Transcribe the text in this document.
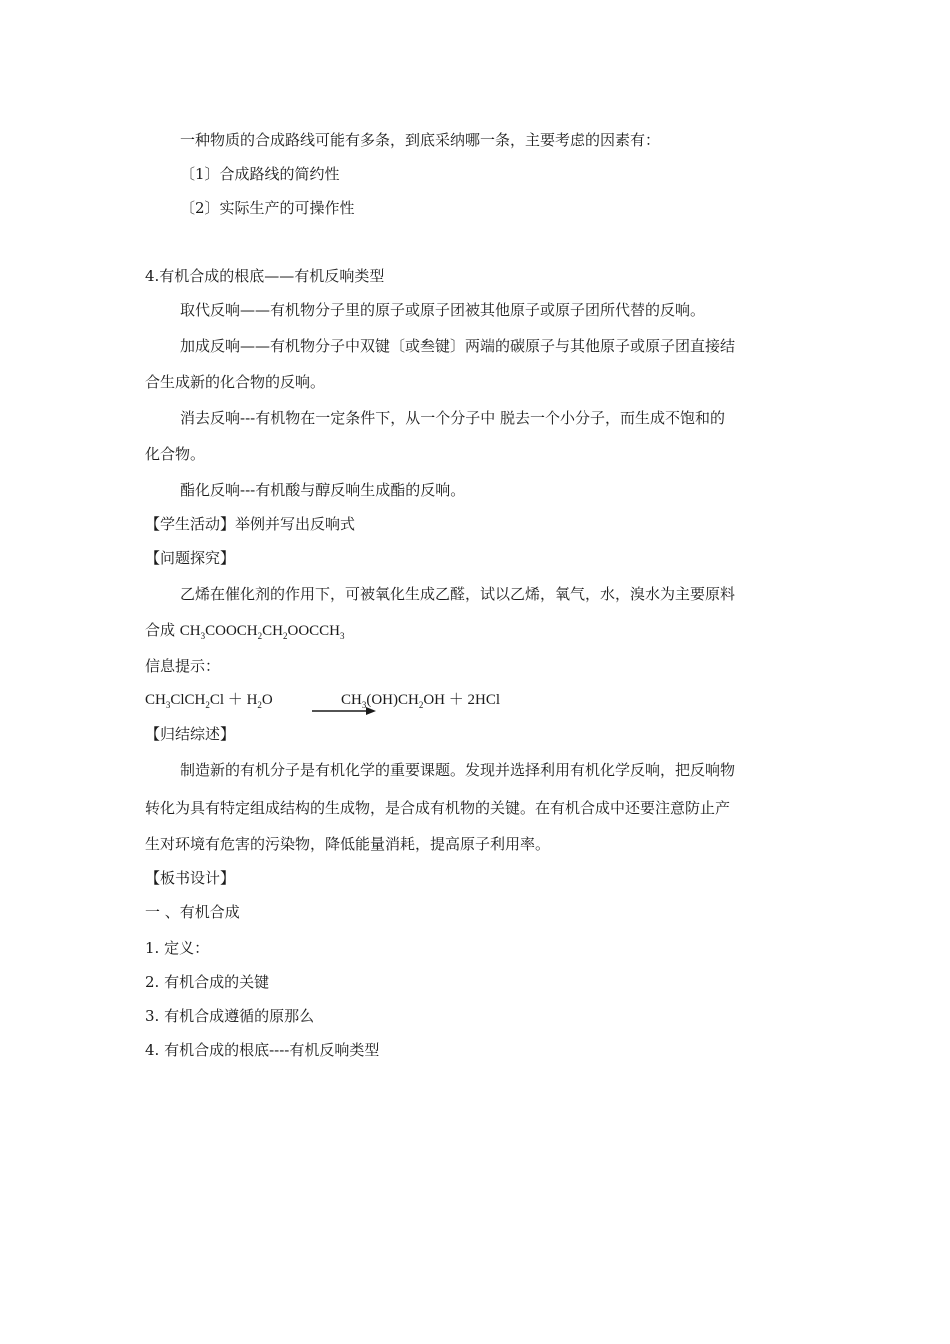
一种物质的合成路线可能有多条，到底采纳哪一条，主要考虑的因素有：
〔1〕合成路线的简约性
〔2〕实际生产的可操作性
4.有机合成的根底——有机反响类型
取代反响——有机物分子里的原子或原子团被其他原子或原子团所代替的反响。
加成反响——有机物分子中双键〔或叁键〕两端的碳原子与其他原子或原子团直接结
合生成新的化合物的反响。
消去反响---有机物在一定条件下，从一个分子中 脱去一个小分子，而生成不饱和的
化合物。
酯化反响---有机酸与醇反响生成酯的反响。
【学生活动】举例并写出反响式
【问题探究】
乙烯在催化剂的作用下，可被氧化生成乙醛，试以乙烯，氧气，水，溴水为主要原料
合成 $CH_3COOCH_2CH_2OOCCH_3$
信息提示：
$CH_3ClCH_2Cl + H_2O$	$CH_3(OH)CH_2OH + 2HCl$
【归结综述】
制造新的有机分子是有机化学的重要课题。发现并选择利用有机化学反响，把反响物
转化为具有特定组成结构的生成物，是合成有机物的关键。在有机合成中还要注意防止产
生对环境有危害的污染物，降低能量消耗，提高原子利用率。
【板书设计】
一 、有机合成
1. 定义：
2. 有机合成的关键
3. 有机合成遵循的原那么
4. 有机合成的根底----有机反响类型
